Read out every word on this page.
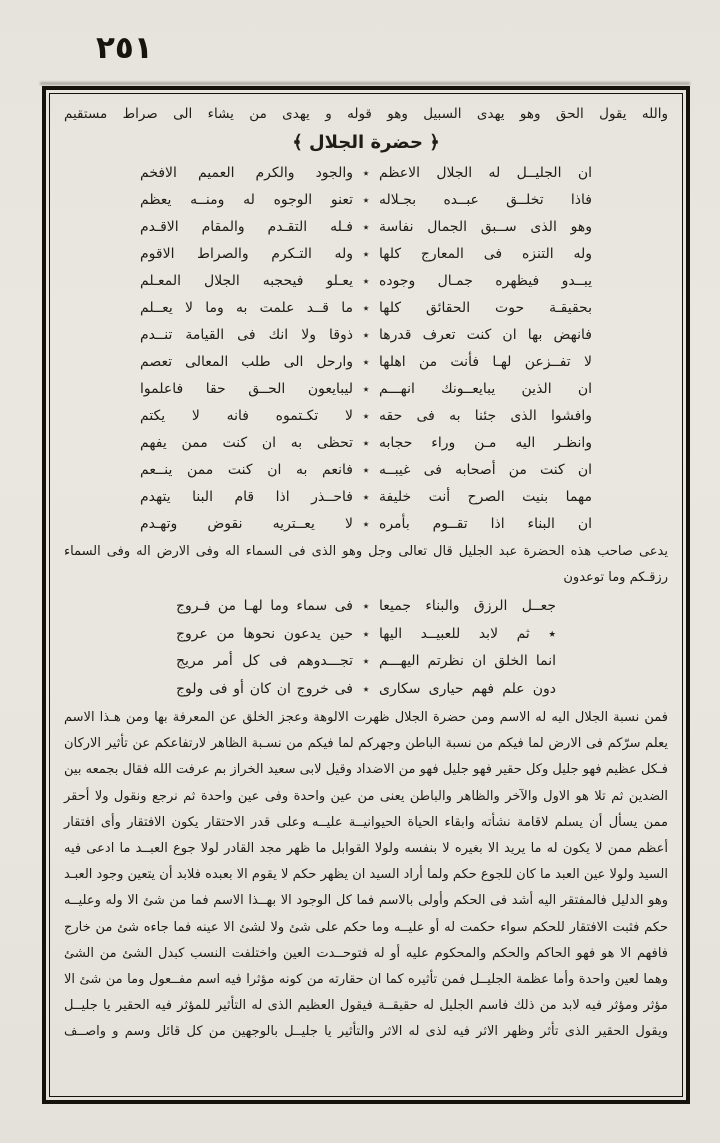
٢٥١
والله يقول الحق وهو يهدى السبيل وهو قوله و يهدى من يشاء الى صراط مستقيم
﴿ حضرة الجلال ﴾
ان الجليــل له الجلال الاعظم
٭
والجود والكرم العميم الافخم
فاذا تخلــق عبــده بجـلاله
٭
تعنو الوجوه له ومنــه يعظم
وهو الذى ســبق الجمال نفاسة
٭
فـله التقـدم والمقام الاقـدم
وله التنزه فى المعارج كلها
٭
وله التـكرم والصراط الاقوم
يبــدو فيظهره جمـال وجوده
٭
يعـلو فيحجبه الجلال المعـلم
بحقيقـة حوت الحقائق كلها
٭
ما قــد علمت به وما لا يعــلم
فانهض بها ان كنت تعرف قدرها
٭
ذوقا ولا انك فى القيامة تنــدم
لا تفــزعن لهـا فأنت من اهلها
٭
وارحل الى طلب المعالى تعصم
ان الذين يبايعــونك انهـــم
٭
ليبايعون الحــق حقا فاعلموا
وافشوا الذى جئنا به فى حقه
٭
لا تكـتموه فانه لا يكتم
وانظـر اليه مـن وراء حجابه
٭
تحظى به ان كنت ممن يفهم
ان كنت من أصحابه فى غيبــه
٭
فانعم به ان كنت ممن ينــعم
مهما بنيت الصرح أنت خليفة
٭
فاحــذر اذا قام البنا يتهدم
ان البناء اذا تقــوم بأمره
٭
لا يعــتريه نقوض وتهـدم
يدعى صاحب هذه الحضرة عبد الجليل قال تعالى وجل وهو الذى فى السماء اله وفى الارض اله وفى السماء رزقـكم وما توعدون
جعــل الرزق والبناء جميعا
٭
فى سماء وما لهـا من فـروج
٭ ثم لابد للعبيــد اليها
٭
حين يدعون نحوها من عروج
انما الخلق ان نظرتم اليهـــم
٭
تجـــدوهم فى كل أمر مريج
دون علم فهم حيارى سكارى
٭
فى خروج ان كان أو فى ولوج
فمن نسبة الجلال اليه له الاسم ومن حضرة الجلال ظهرت الالوهة وعجز الخلق عن المعرفة بها ومن هـذا الاسم يعلم سرّكم فى الارض لما فيكم من نسبة الباطن وجهركم لما فيكم من نسـبة الظاهر لارتفاعكم عن تأثير الاركان فـكل عظيم فهو جليل وكل حقير فهو جليل فهو من الاضداد وقيل لابى سعيد الخراز بم عرفت الله فقال بجمعه بين الضدين ثم تلا هو الاول والآخر والظاهر والباطن يعنى من عين واحدة وفى عين واحدة ثم نرجع ونقول ولا أحقر ممن يسأل أن يسلم لاقامة نشأته وابقاء الحياة الحيوانيــة عليــه وعلى قدر الاحتقار يكون الافتقار وأى افتقار أعظم ممن لا يكون له ما يريد الا بغيره لا بنفسه ولولا القوابل ما ظهر مجد القادر لولا جوع العبــد ما ادعى فيه السيد ولولا عين العبد ما كان للجوع حكم ولما أراد السيد ان يظهر حكم لا يقوم الا بعبده فلابد أن يتعين وجود العبـد وهو الدليل فالمفتقر اليه أشد فى الحكم وأولى بالاسم فما كل الوجود الا بهــذا الاسم فما من شئ الا وله وعليــه حكم فثبت الافتقار للحكم سواء حكمت له أو عليــه وما حكم على شئ ولا لشئ الا عينه فما جاءه شئ من خارج فافهم الا هو فهو الحاكم والحكم والمحكوم عليه أو له فتوحــدت العين واختلفت النسب كبدل الشئ من الشئ وهما لعين واحدة وأما عظمة الجليــل فمن تأثيره كما ان حقارته من كونه مؤثرا فيه اسم مفــعول وما من شئ الا مؤثر ومؤثر فيه لابد من ذلك فاسم الجليل له حقيقــة فيقول العظيم الذى له التأثير للمؤثر فيه الحقير يا جليــل ويقول الحقير الذى تأثر وظهر الاثر فيه لذى له الاثر والتأثير يا جليــل بالوجهين من كل قائل وسم و واصــف
